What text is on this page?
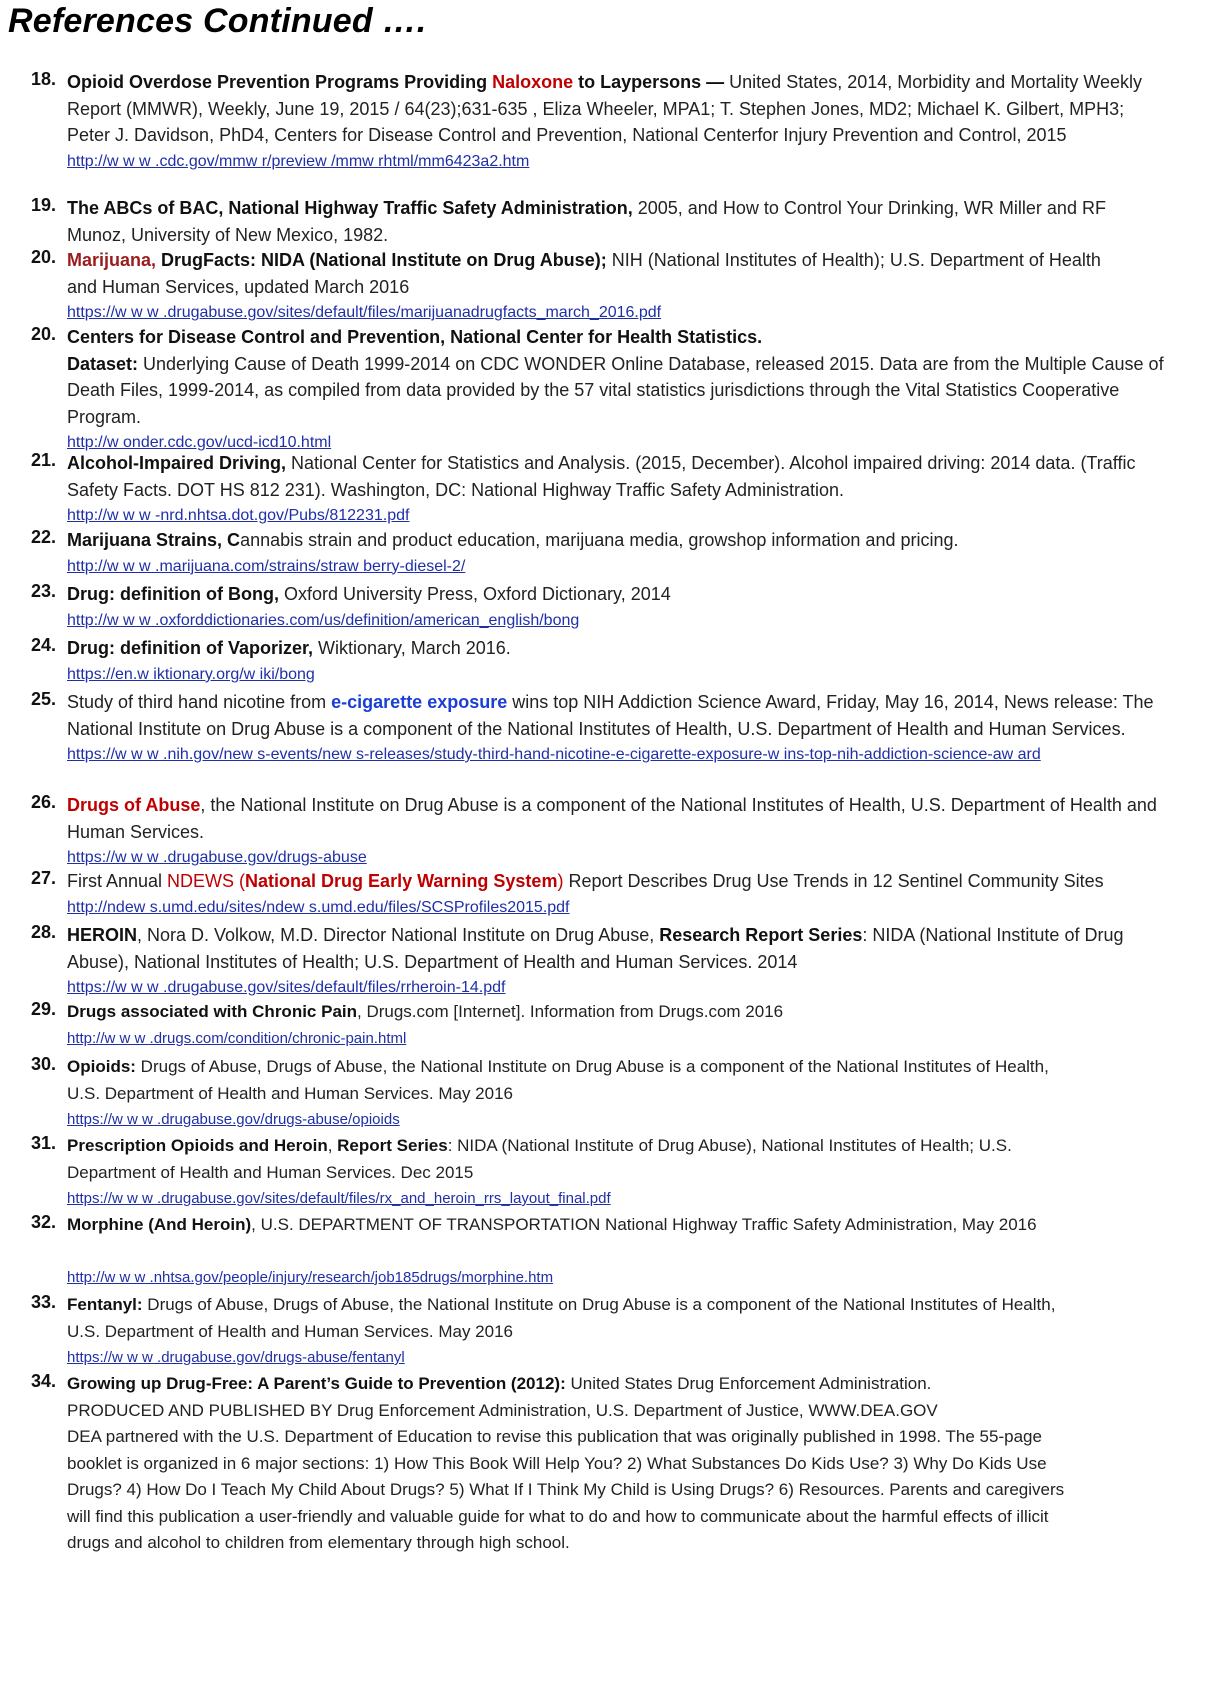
References Continued ….
18. Opioid Overdose Prevention Programs Providing Naloxone to Laypersons — United States, 2014, Morbidity and Mortality Weekly Report (MMWR), Weekly, June 19, 2015 / 64(23);631-635 , Eliza Wheeler, MPA1; T. Stephen Jones, MD2; Michael K. Gilbert, MPH3; Peter J. Davidson, PhD4, Centers for Disease Control and Prevention, National Centerfor Injury Prevention and Control, 2015
http://w w w .cdc.gov/mmw r/preview /mmw rhtml/mm6423a2.htm
19. The ABCs of BAC, National Highway Traffic Safety Administration, 2005, and How to Control Your Drinking, WR Miller and RF Munoz, University of New Mexico, 1982.
20. Marijuana, DrugFacts: NIDA (National Institute on Drug Abuse); NIH (National Institutes of Health); U.S. Department of Health and Human Services, updated March 2016
https://w w w .drugabuse.gov/sites/default/files/marijuanadrugfacts_march_2016.pdf
20. Centers for Disease Control and Prevention, National Center for Health Statistics.
Dataset: Underlying Cause of Death 1999-2014 on CDC WONDER Online Database, released 2015. Data are from the Multiple Cause of Death Files, 1999-2014, as compiled from data provided by the 57 vital statistics jurisdictions through the Vital Statistics Cooperative Program.
http://w onder.cdc.gov/ucd-icd10.html
21. Alcohol-Impaired Driving, National Center for Statistics and Analysis. (2015, December). Alcohol impaired driving: 2014 data. (Traffic Safety Facts. DOT HS 812 231). Washington, DC: National Highway Traffic Safety Administration.
http://w w w -nrd.nhtsa.dot.gov/Pubs/812231.pdf
22. Marijuana Strains, Cannabis strain and product education, marijuana media, growshop information and pricing.
http://w w w .marijuana.com/strains/straw berry-diesel-2/
23. Drug: definition of Bong, Oxford University Press, Oxford Dictionary, 2014
http://w w w .oxforddictionaries.com/us/definition/american_english/bong
24. Drug: definition of Vaporizer, Wiktionary, March 2016.
https://en.w iktionary.org/w iki/bong
25. Study of third hand nicotine from e-cigarette exposure wins top NIH Addiction Science Award, Friday, May 16, 2014, News release: The National Institute on Drug Abuse is a component of the National Institutes of Health, U.S. Department of Health and Human Services.
https://w w w .nih.gov/new s-events/new s-releases/study-third-hand-nicotine-e-cigarette-exposure-w ins-top-nih-addiction-science-aw ard
26. Drugs of Abuse, the National Institute on Drug Abuse is a component of the National Institutes of Health, U.S. Department of Health and Human Services.
https://w w w .drugabuse.gov/drugs-abuse
27. First Annual NDEWS (National Drug Early Warning System) Report Describes Drug Use Trends in 12 Sentinel Community Sites
http://ndew s.umd.edu/sites/ndew s.umd.edu/files/SCSProfiles2015.pdf
28. HEROIN, Nora D. Volkow, M.D. Director National Institute on Drug Abuse, Research Report Series: NIDA (National Institute of Drug Abuse), National Institutes of Health; U.S. Department of Health and Human Services. 2014
https://w w w .drugabuse.gov/sites/default/files/rrheroin-14.pdf
29. Drugs associated with Chronic Pain, Drugs.com [Internet]. Information from Drugs.com 2016
http://w w w .drugs.com/condition/chronic-pain.html
30. Opioids: Drugs of Abuse, Drugs of Abuse, the National Institute on Drug Abuse is a component of the National Institutes of Health, U.S. Department of Health and Human Services. May 2016
https://w w w .drugabuse.gov/drugs-abuse/opioids
31. Prescription Opioids and Heroin, Report Series: NIDA (National Institute of Drug Abuse), National Institutes of Health; U.S. Department of Health and Human Services. Dec 2015
https://w w w .drugabuse.gov/sites/default/files/rx_and_heroin_rrs_layout_final.pdf
32. Morphine (And Heroin), U.S. DEPARTMENT OF TRANSPORTATION National Highway Traffic Safety Administration, May 2016
http://w w w .nhtsa.gov/people/injury/research/job185drugs/morphine.htm
33. Fentanyl: Drugs of Abuse, Drugs of Abuse, the National Institute on Drug Abuse is a component of the National Institutes of Health, U.S. Department of Health and Human Services. May 2016
https://w w w .drugabuse.gov/drugs-abuse/fentanyl
34. Growing up Drug-Free: A Parent’s Guide to Prevention (2012): United States Drug Enforcement Administration.
PRODUCED AND PUBLISHED BY Drug Enforcement Administration, U.S. Department of Justice, WWW.DEA.GOV
DEA partnered with the U.S. Department of Education to revise this publication that was originally published in 1998. The 55-page booklet is organized in 6 major sections: 1) How This Book Will Help You? 2) What Substances Do Kids Use? 3) Why Do Kids Use Drugs? 4) How Do I Teach My Child About Drugs? 5) What If I Think My Child is Using Drugs? 6) Resources. Parents and caregivers will find this publication a user-friendly and valuable guide for what to do and how to communicate about the harmful effects of illicit drugs and alcohol to children from elementary through high school.
